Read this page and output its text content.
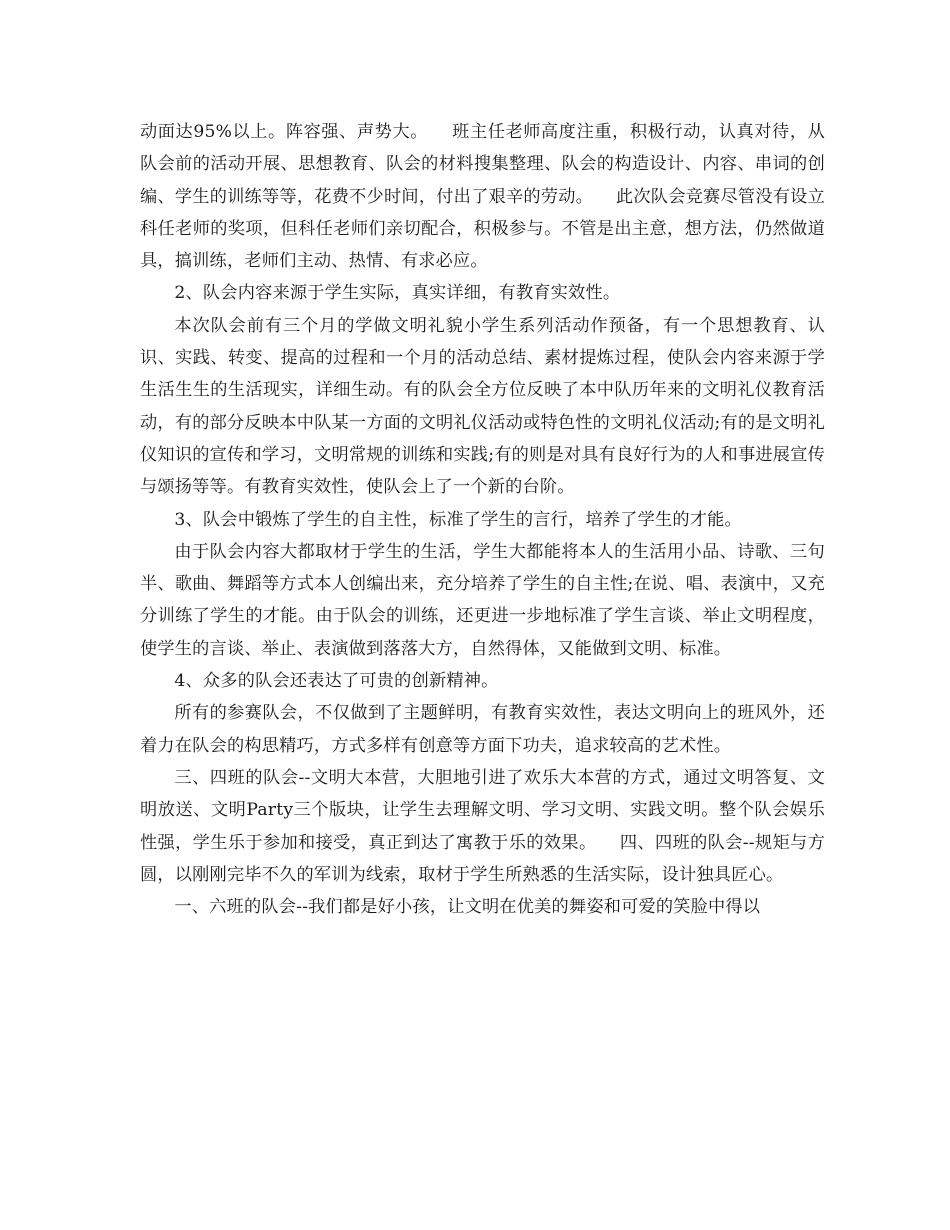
动面达95%以上。阵容强、声势大。    班主任老师高度注重，积极行动，认真对待，从队会前的活动开展、思想教育、队会的材料搜集整理、队会的构造设计、内容、串词的创编、学生的训练等等，花费不少时间，付出了艰辛的劳动。    此次队会竞赛尽管没有设立科任老师的奖项，但科任老师们亲切配合，积极参与。不管是出主意，想方法，仍然做道具，搞训练，老师们主动、热情、有求必应。

2、队会内容来源于学生实际，真实详细，有教育实效性。

本次队会前有三个月的学做文明礼貌小学生系列活动作预备，有一个思想教育、认识、实践、转变、提高的过程和一个月的活动总结、素材提炼过程，使队会内容来源于学生活生生的生活现实，详细生动。有的队会全方位反映了本中队历年来的文明礼仪教育活动，有的部分反映本中队某一方面的文明礼仪活动或特色性的文明礼仪活动;有的是文明礼仪知识的宣传和学习，文明常规的训练和实践;有的则是对具有良好行为的人和事进展宣传与颂扬等等。有教育实效性，使队会上了一个新的台阶。

3、队会中锻炼了学生的自主性，标准了学生的言行，培养了学生的才能。

由于队会内容大都取材于学生的生活，学生大都能将本人的生活用小品、诗歌、三句半、歌曲、舞蹈等方式本人创编出来，充分培养了学生的自主性;在说、唱、表演中，又充分训练了学生的才能。由于队会的训练，还更进一步地标准了学生言谈、举止文明程度，使学生的言谈、举止、表演做到落落大方，自然得体，又能做到文明、标准。

4、众多的队会还表达了可贵的创新精神。

所有的参赛队会，不仅做到了主题鲜明，有教育实效性，表达文明向上的班风外，还着力在队会的构思精巧，方式多样有创意等方面下功夫，追求较高的艺术性。

三、四班的队会--文明大本营，大胆地引进了欢乐大本营的方式，通过文明答复、文明放送、文明Party三个版块，让学生去理解文明、学习文明、实践文明。整个队会娱乐性强，学生乐于参加和接受，真正到达了寓教于乐的效果。    四、四班的队会--规矩与方圆，以刚刚完毕不久的军训为线索，取材于学生所熟悉的生活实际，设计独具匠心。

一、六班的队会--我们都是好小孩，让文明在优美的舞姿和可爱的笑脸中得以
